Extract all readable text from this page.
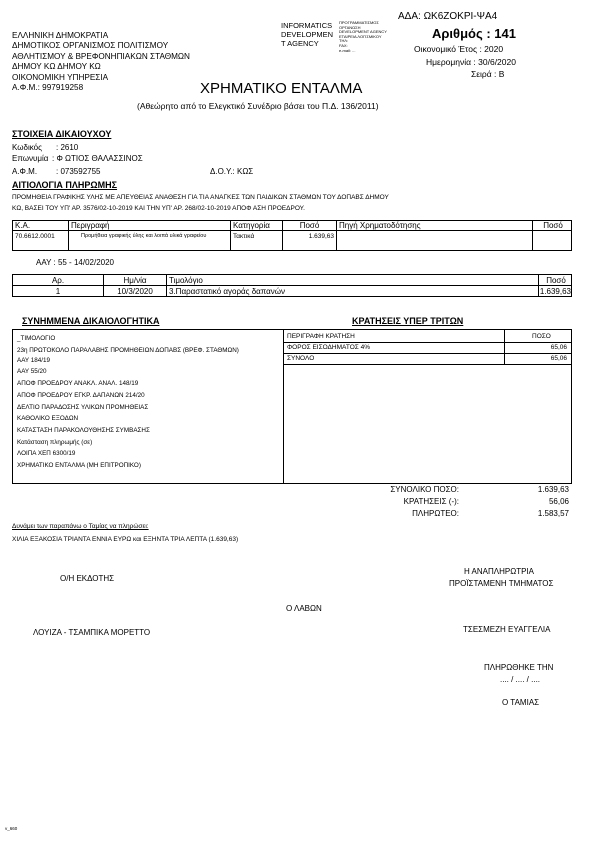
ΕΛΛΗΝΙΚΗ ΔΗΜΟΚΡΑΤΙΑ
ΔΗΜΟΤΙΚΟΣ ΟΡΓΑΝΙΣΜΟΣ ΠΟΛΙΤΙΣΜΟΥ
ΑΘΛΗΤΙΣΜΟΥ & ΒΡΕΦΟΝΗΠΙΑΚΩΝ ΣΤΑΘΜΩΝ
ΔΗΜΟΥ ΚΩ ΔΗΜΟΥ ΚΩ
ΟΙΚΟΝΟΜΙΚΗ ΥΠΗΡΕΣΙΑ
Α.Φ.Μ.: 997919258
INFORMATICS
DEVELOPMEN
T AGENCY
ΠΡΟΓΡΑΜΜΑΤΙΣΜΟΣ
ΟΡΓΑΝΩΣΗ
DEVELOPMENT AGENCY
ΕΤΑΙΡΕΙΑ ΛΟΓΙΣΜΙΚΟΥ
ΤΗΛ:
FAX:
e-mail: ...
ΑΔΑ: ΩΚ6ΖΟΚΡΙ-ΨΑ4
Αριθμός : 141
Οικονομικό Έτος : 2020
Ημερομηνία : 30/6/2020
Σειρά : Β
ΧΡΗΜΑΤΙΚΟ ΕΝΤΑΛΜΑ
(Αθεώρητο από το Ελεγκτικό Συνέδριο βάσει του Π.Δ. 136/2011)
ΣΤΟΙΧΕΙΑ ΔΙΚΑΙΟΥΧΟΥ
Κωδικός : 2610
Επωνυμία : Φ ΩΤΙΟΣ ΘΑΛΑΣΣΙΝΟΣ
Α.Φ.Μ. : 073592755	Δ.Ο.Υ.: ΚΩΣ
ΑΙΤΙΟΛΟΓΙΑ ΠΛΗΡΩΜΗΣ
ΠΡΟΜΗΘΕΙΑ ΓΡΑΦΙΚΗΣ ΥΛΗΣ ΜΕ ΑΠΕΥΘΕΙΑΣ ΑΝΑΘΕΣΗ ΓΙΑ ΤΙΑ ΑΝΑΓΚΕΣ ΤΩΝ ΠΑΙΔΙΚΩΝ ΣΤΑΘΜΩΝ ΤΟΥ ΔΟΠΑΒΣ ΔΗΜΟΥ
ΚΩ, ΒΑΣΕΙ ΤΟΥ ΥΠ' ΑΡ. 3576/02-10-2019 ΚΑΙ ΤΗΝ ΥΠ' ΑΡ. 268/02-10-2019 ΑΠΟΦ ΑΣΗ ΠΡΟΕΔΡΟΥ.
Κ.Α.	Περιγραφή	Κατηγορία	Ποσό	Πηγή Χρηματοδότησης	Ποσό
70.6612.0001	Προμήθεια γραφικής ύλης και λοιπά υλικά γραφείου	Τακτικά	1.639,63
ΑΑΥ : 55 - 14/02/2020
Αρ.	Ημ/νία	Τιμολόγιο	Ποσό
1	10/3/2020	3.Παραστατικό αγοράς δαπανών	1.639,63
ΣΥΝΗΜΜΕΝΑ ΔΙΚΑΙΟΛΟΓΗΤΙΚΑ	ΚΡΑΤΗΣΕΙΣ ΥΠΕΡ ΤΡΙΤΩΝ
_ΤΙΜΟΛΟΓΙΟ
23η ΠΡΩΤΟΚΟΛΟ ΠΑΡΑΛΑΒΗΣ ΠΡΟΜΗΘΕΙΩΝ ΔΟΠΑΒΣ (ΒΡΕΦ. ΣΤΑΘΜΩΝ)
ΑΑΥ 184/19
ΑΑΥ 55/20
ΑΠΟΦ ΠΡΟΕΔΡΟΥ ΑΝΑΚΛ. ΑΝΑΛ. 148/19
ΑΠΟΦ ΠΡΟΕΔΡΟΥ ΕΓΚΡ. ΔΑΠΑΝΩΝ 214/20
ΔΕΛΤΙΟ ΠΑΡΑΔΟΣΗΣ ΥΛΙΚΩΝ ΠΡΟΜΗΘΕΙΑΣ
ΚΑΘΟΛΙΚΟ ΕΞΟΔΩΝ
ΚΑΤΑΣΤΑΣΗ ΠΑΡΑΚΟΛΟΥΘΗΣΗΣ ΣΥΜΒΑΣΗΣ
Κατάσταση πληρωμής (σε)
ΛΟΙΠΑ ΧΕΠ 6300/19
ΧΡΗΜΑΤΙΚΟ ΕΝΤΑΛΜΑ (ΜΗ ΕΠΙΤΡΟΠΙΚΟ)
ΠΕΡΙΓΡΑΦΗ ΚΡΑΤΗΣΗ	ΠΟΣΟ
ΦΟΡΟΣ ΕΙΣΟΔΗΜΑΤΟΣ 4%	65,06
ΣΥΝΟΛΟ	65,06
ΣΥΝΟΛΙΚΟ ΠΟΣΟ:	1.639,63
ΚΡΑΤΗΣΕΙΣ (-):	56,06
ΠΛΗΡΩΤΕΟ:	1.583,57
Δυνάμει των παραπάνω ο Ταμίας να πληρώσει:
ΧΙΛΙΑ ΕΞΑΚΟΣΙΑ ΤΡΙΑΝΤΑ ΕΝΝΙΑ ΕΥΡΩ και ΕΞΗΝΤΑ ΤΡΙΑ ΛΕΠΤΑ (1.639,63)
Ο/Η ΕΚΔΟΤΗΣ
Η ΑΝΑΠΛΗΡΩΤΡΙΑ
ΠΡΟΪΣΤΑΜΕΝΗ ΤΜΗΜΑΤΟΣ
Ο ΛΑΒΩΝ
ΛΟΥΙΖΑ - ΤΣΑΜΠΙΚΑ ΜΟΡΕΤΤΟ	ΤΣΕΣΜΕΖΗ ΕΥΑΓΓΕΛΙΑ
ΠΛΗΡΩΘΗΚΕ ΤΗΝ
.... / .... / ....
Ο ΤΑΜΙΑΣ
v_660
